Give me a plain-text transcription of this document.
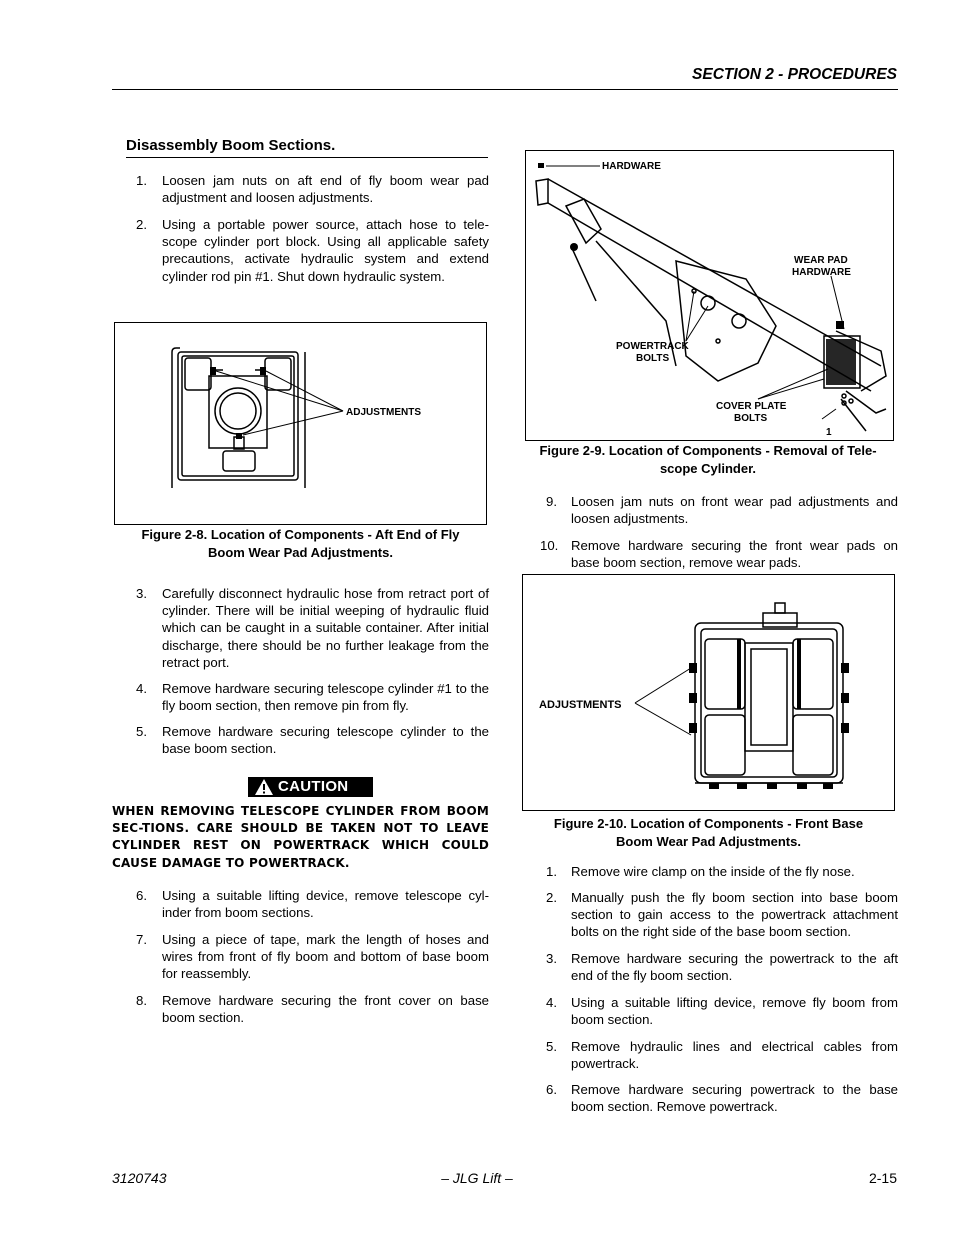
SECTION 2 - PROCEDURES
Disassembly Boom Sections.
1. Loosen jam nuts on aft end of fly boom wear pad adjustment and loosen adjustments.
2. Using a portable power source, attach hose to tele-scope cylinder port block. Using all applicable safety precautions, activate hydraulic system and extend cylinder rod pin #1. Shut down hydraulic system.
ADJUSTMENTS
Figure 2-8. Location of Components - Aft End of Fly
Boom Wear Pad Adjustments.
3. Carefully disconnect hydraulic hose from retract port of cylinder. There will be initial weeping of hydraulic fluid which can be caught in a suitable container. After initial discharge, there should be no further leakage from the retract port.
4. Remove hardware securing telescope cylinder #1 to the fly boom section, then remove pin from fly.
5. Remove hardware securing telescope cylinder to the base boom section.
CAUTION
WHEN REMOVING TELESCOPE CYLINDER FROM BOOM SEC-TIONS. CARE SHOULD BE TAKEN NOT TO LEAVE CYLINDER REST ON POWERTRACK WHICH COULD CAUSE DAMAGE TO POWERTRACK.
6. Using a suitable lifting device, remove telescope cyl-inder from boom sections.
7. Using a piece of tape, mark the length of hoses and wires from front of fly boom and bottom of base boom for reassembly.
8. Remove hardware securing the front cover on base boom section.
HARDWARE
WEAR PAD
HARDWARE
POWERTRACK
BOLTS
COVER PLATE
BOLTS
1
Figure 2-9. Location of Components - Removal of Tele-
scope Cylinder.
9. Loosen jam nuts on front wear pad adjustments and loosen adjustments.
10. Remove hardware securing the front wear pads on base boom section, remove wear pads.
ADJUSTMENTS
Figure 2-10. Location of Components - Front Base
Boom Wear Pad Adjustments.
1. Remove wire clamp on the inside of the fly nose.
2. Manually push the fly boom section into base boom section to gain access to the powertrack attachment bolts on the right side of the base boom section.
3. Remove hardware securing the powertrack to the aft end of the fly boom section.
4. Using a suitable lifting device, remove fly boom from boom section.
5. Remove hydraulic lines and electrical cables from powertrack.
6. Remove hardware securing powertrack to the base boom section. Remove powertrack.
3120743	– JLG Lift –	2-15
